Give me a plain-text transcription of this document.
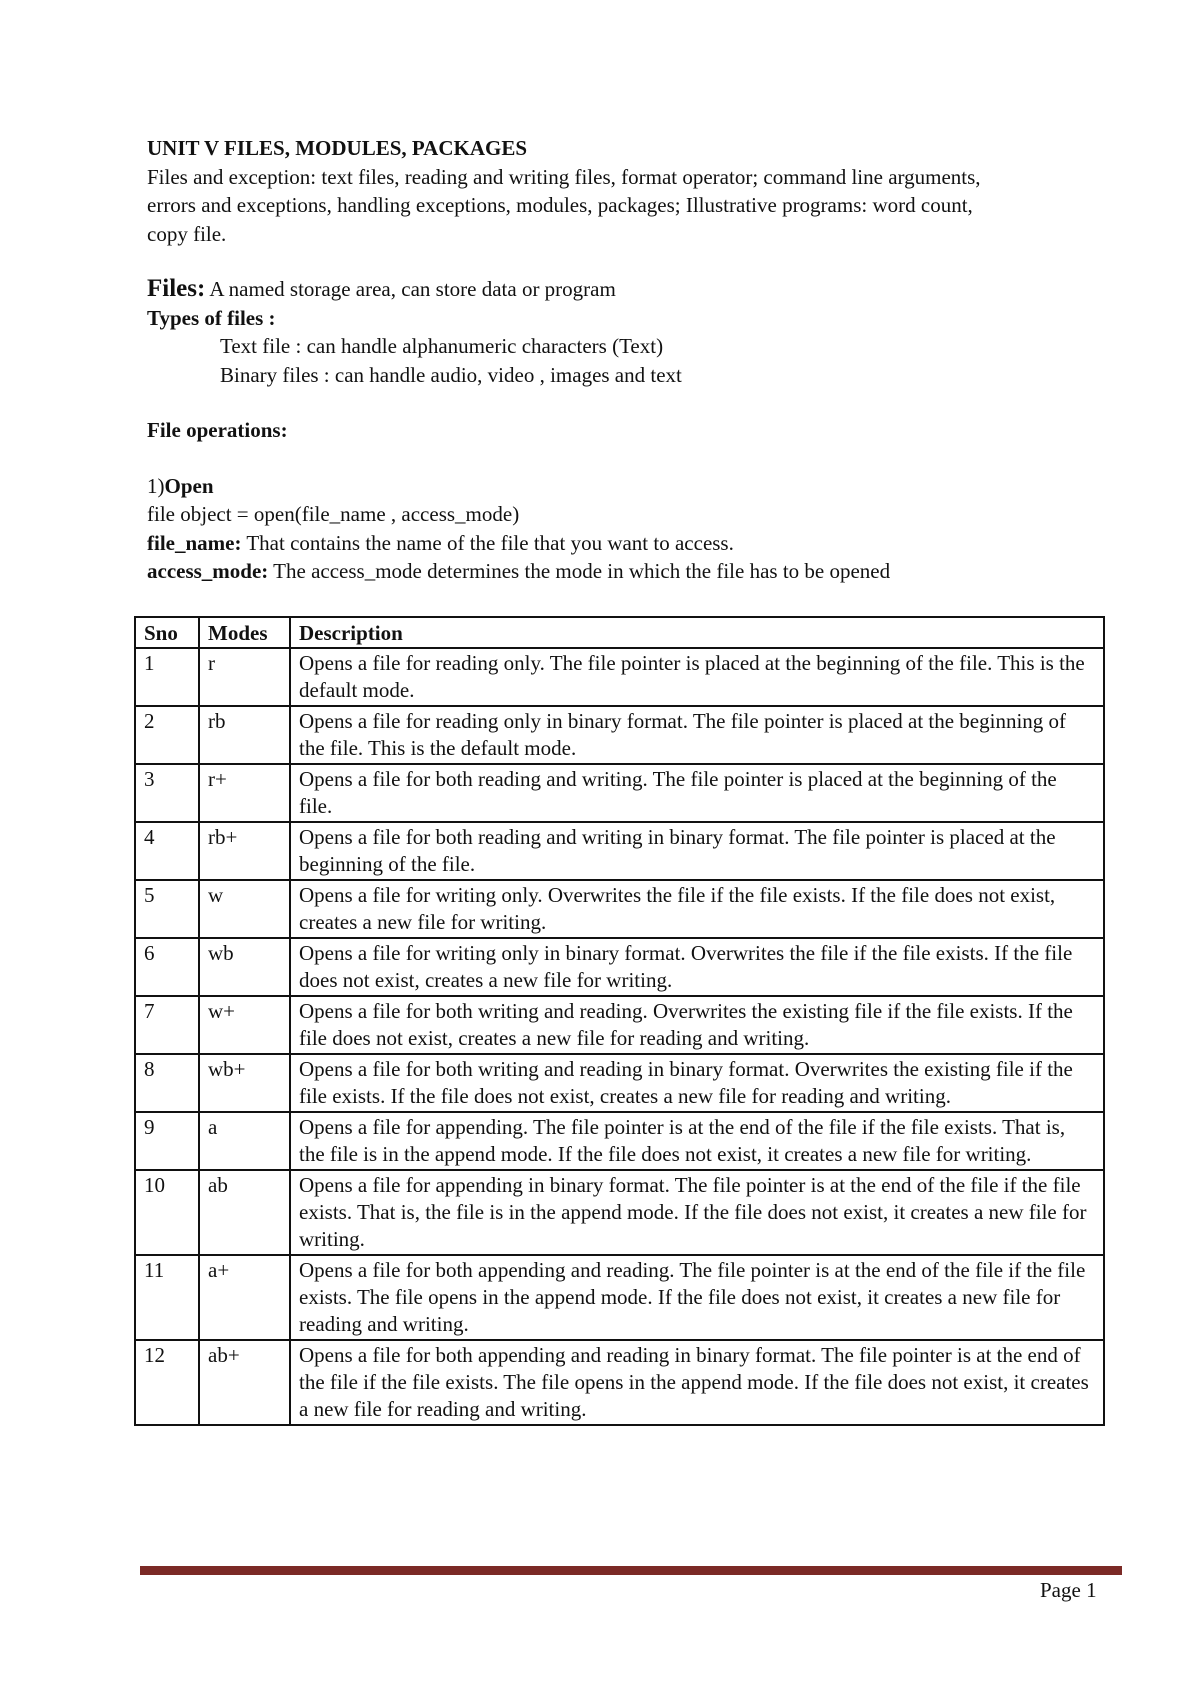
UNIT V FILES, MODULES, PACKAGES

Files and exception: text files, reading and writing files, format operator; command line arguments,

errors and exceptions, handling exceptions, modules, packages; Illustrative programs: word count,

copy file.

Files: A named storage area, can store data or program

Types of files :

Text file : can handle alphanumeric characters (Text)

Binary files : can handle audio, video , images and text

File operations:

1)Open

file object = open(file_name , access_mode)

file_name: That contains the name of the file that you want to access.

access_mode: The access_mode determines the mode in which the file has to be opened

Sno	Modes	Description
1	r	Opens a file for reading only. The file pointer is placed at the beginning of the file. This is the default mode.
2	rb	Opens a file for reading only in binary format. The file pointer is placed at the beginning of the file. This is the default mode.
3	r+	Opens a file for both reading and writing. The file pointer is placed at the beginning of the file.
4	rb+	Opens a file for both reading and writing in binary format. The file pointer is placed at the beginning of the file.
5	w	Opens a file for writing only. Overwrites the file if the file exists. If the file does not exist, creates a new file for writing.
6	wb	Opens a file for writing only in binary format. Overwrites the file if the file exists. If the file does not exist, creates a new file for writing.
7	w+	Opens a file for both writing and reading. Overwrites the existing file if the file exists. If the file does not exist, creates a new file for reading and writing.
8	wb+	Opens a file for both writing and reading in binary format. Overwrites the existing file if the file exists. If the file does not exist, creates a new file for reading and writing.
9	a	Opens a file for appending. The file pointer is at the end of the file if the file exists. That is, the file is in the append mode. If the file does not exist, it creates a new file for writing.
10	ab	Opens a file for appending in binary format. The file pointer is at the end of the file if the file exists. That is, the file is in the append mode. If the file does not exist, it creates a new file for writing.
11	a+	Opens a file for both appending and reading. The file pointer is at the end of the file if the file exists. The file opens in the append mode. If the file does not exist, it creates a new file for reading and writing.
12	ab+	Opens a file for both appending and reading in binary format. The file pointer is at the end of the file if the file exists. The file opens in the append mode. If the file does not exist, it creates a new file for reading and writing.
Page 1
